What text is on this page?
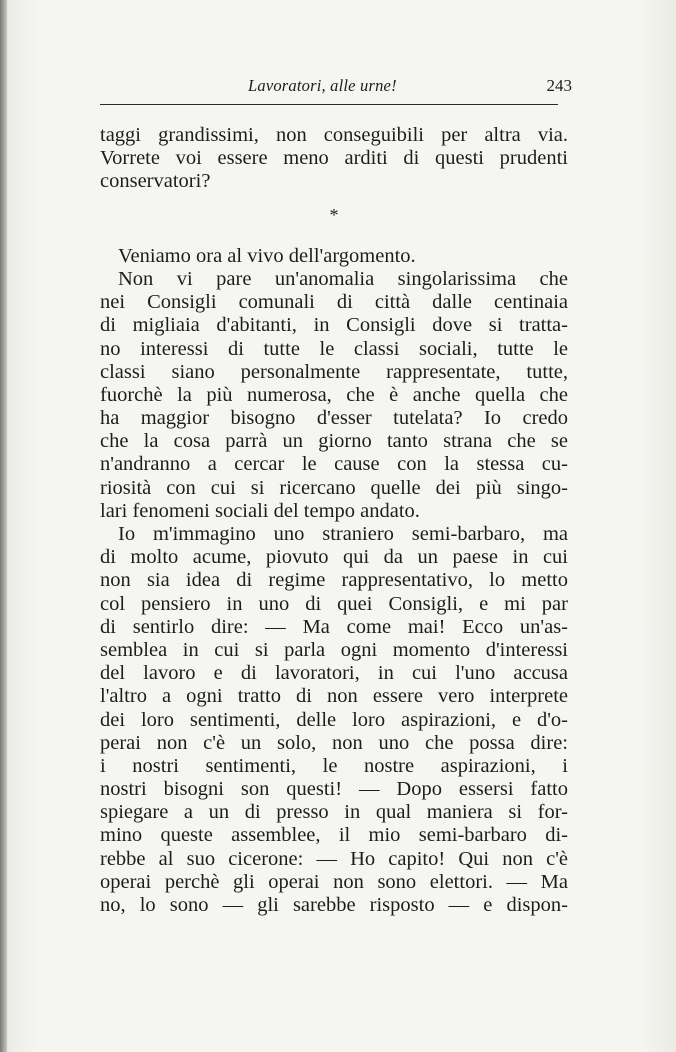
Lavoratori, alle urne!	243
taggi grandissimi, non conseguibili per altra via.
Vorrete voi essere meno arditi di questi prudenti
conservatori?
*
Veniamo ora al vivo dell'argomento.
Non vi pare un'anomalia singolarissima che
nei Consigli comunali di città dalle centinaia
di migliaia d'abitanti, in Consigli dove si tratta-
no interessi di tutte le classi sociali, tutte le
classi siano personalmente rappresentate, tutte,
fuorchè la più numerosa, che è anche quella che
ha maggior bisogno d'esser tutelata? Io credo
che la cosa parrà un giorno tanto strana che se
n'andranno a cercar le cause con la stessa cu-
riosità con cui si ricercano quelle dei più singo-
lari fenomeni sociali del tempo andato.
Io m'immagino uno straniero semi-barbaro, ma
di molto acume, piovuto qui da un paese in cui
non sia idea di regime rappresentativo, lo metto
col pensiero in uno di quei Consigli, e mi par
di sentirlo dire: — Ma come mai! Ecco un'as-
semblea in cui si parla ogni momento d'interessi
del lavoro e di lavoratori, in cui l'uno accusa
l'altro a ogni tratto di non essere vero interprete
dei loro sentimenti, delle loro aspirazioni, e d'o-
perai non c'è un solo, non uno che possa dire:
i nostri sentimenti, le nostre aspirazioni, i
nostri bisogni son questi! — Dopo essersi fatto
spiegare a un di presso in qual maniera si for-
mino queste assemblee, il mio semi-barbaro di-
rebbe al suo cicerone: — Ho capito! Qui non c'è
operai perchè gli operai non sono elettori. — Ma
no, lo sono — gli sarebbe risposto — e dispon-
